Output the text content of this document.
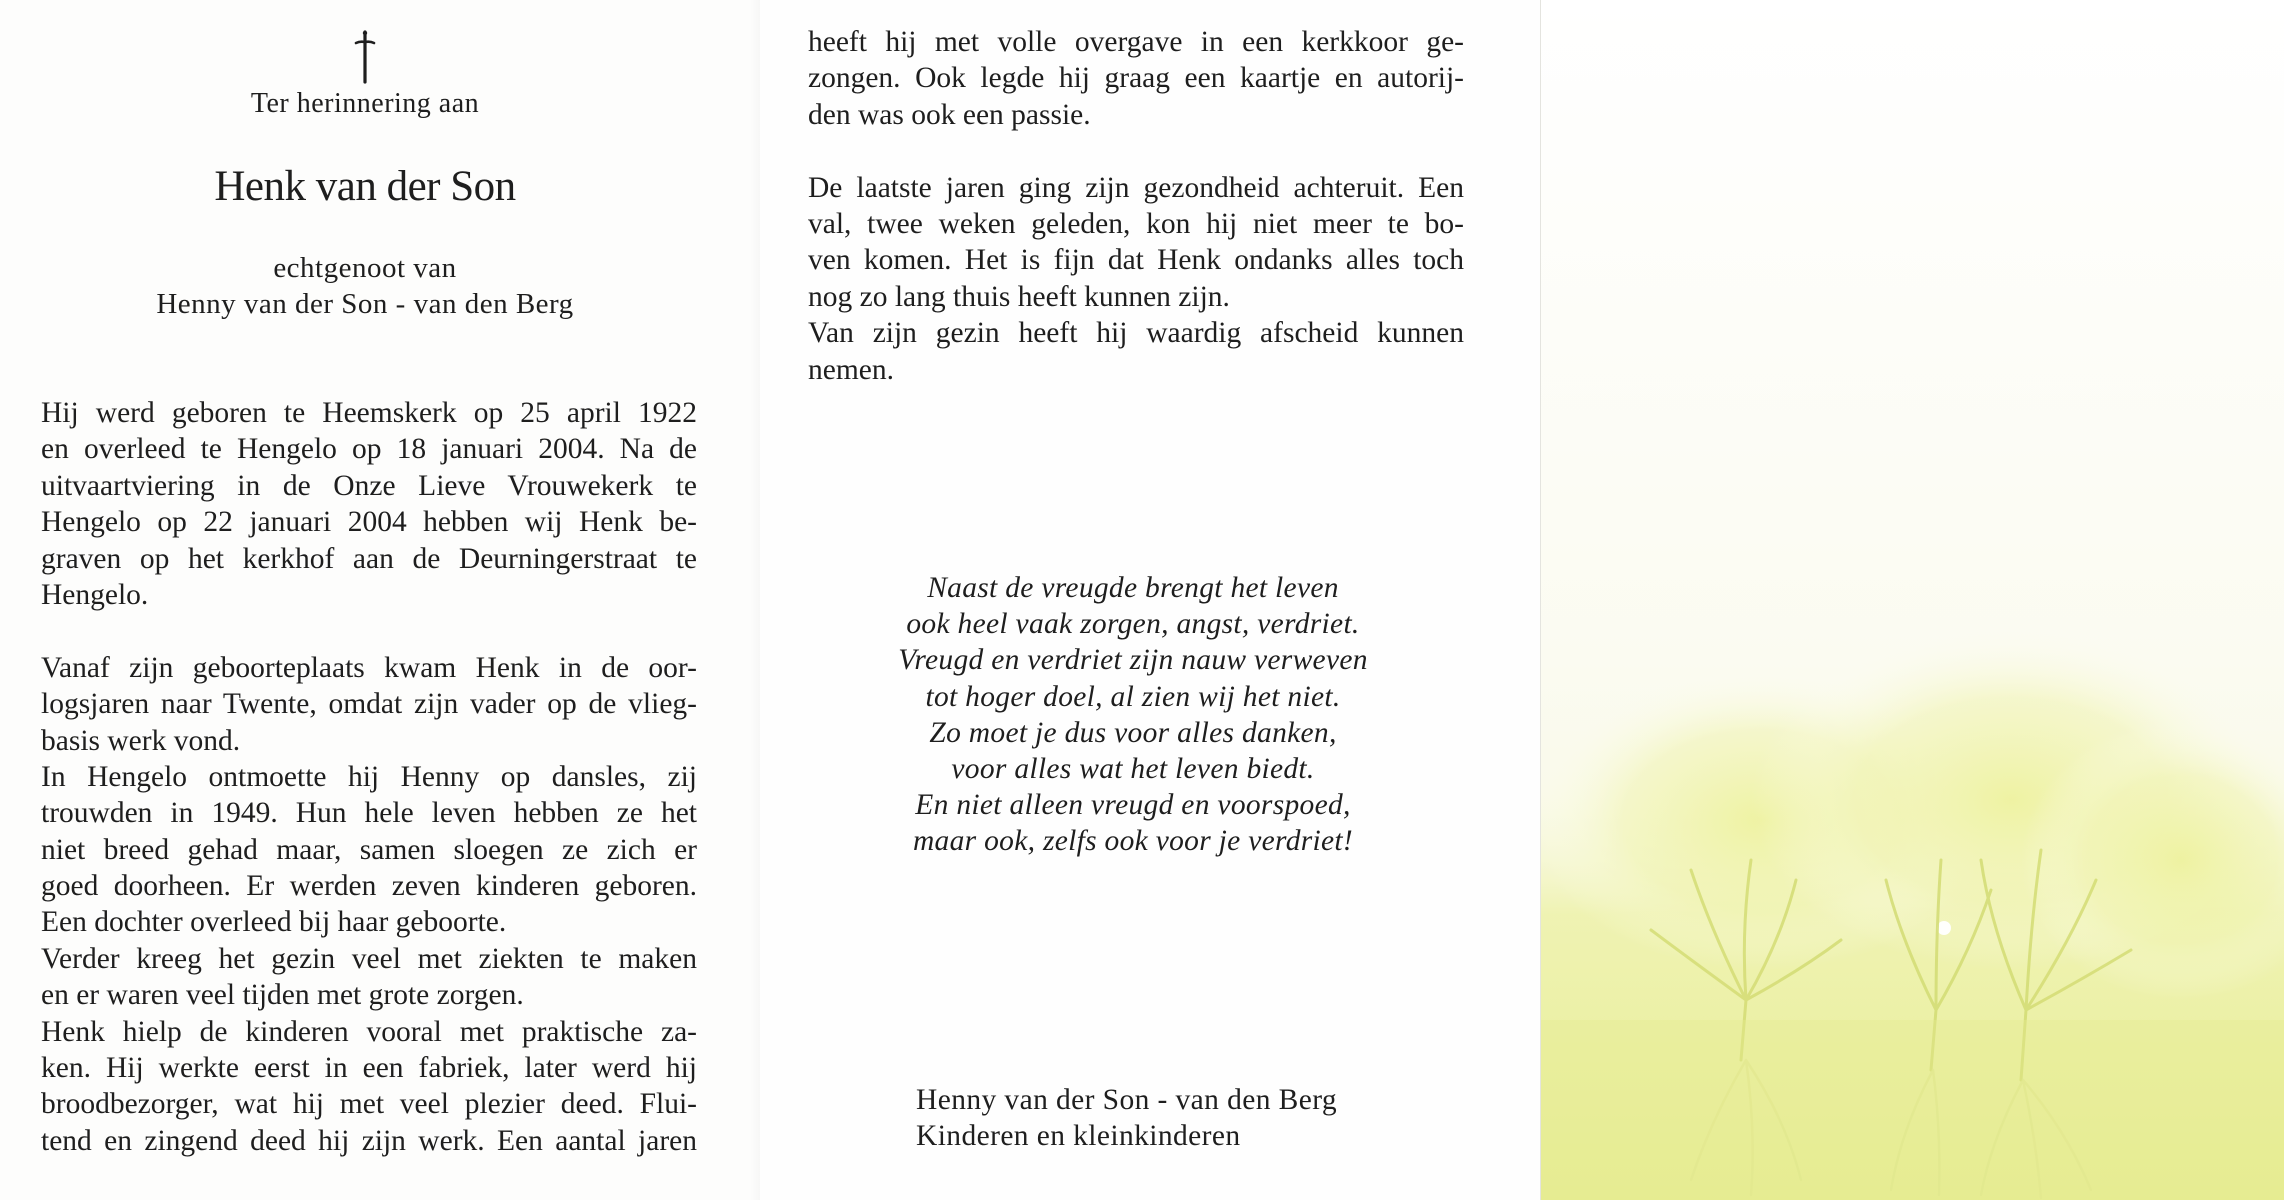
Ter herinnering aan
Henk van der Son
echtgenoot van
Henny van der Son - van den Berg
Hij werd geboren te Heemskerk op 25 april 1922
en overleed te Hengelo op 18 januari 2004. Na de
uitvaartviering in de Onze Lieve Vrouwekerk te
Hengelo op 22 januari 2004 hebben wij Henk be-
graven op het kerkhof aan de Deurningerstraat te
Hengelo.
Vanaf zijn geboorteplaats kwam Henk in de oor-
logsjaren naar Twente, omdat zijn vader op de vlieg-
basis werk vond.
In Hengelo ontmoette hij Henny op dansles, zij
trouwden in 1949. Hun hele leven hebben ze het
niet breed gehad maar, samen sloegen ze zich er
goed doorheen. Er werden zeven kinderen geboren.
Een dochter overleed bij haar geboorte.
Verder kreeg het gezin veel met ziekten te maken
en er waren veel tijden met grote zorgen.
Henk hielp de kinderen vooral met praktische za-
ken. Hij werkte eerst in een fabriek, later werd hij
broodbezorger, wat hij met veel plezier deed. Flui-
tend en zingend deed hij zijn werk. Een aantal jaren
heeft hij met volle overgave in een kerkkoor ge-
zongen. Ook legde hij graag een kaartje en autorij-
den was ook een passie.
De laatste jaren ging zijn gezondheid achteruit. Een
val, twee weken geleden, kon hij niet meer te bo-
ven komen. Het is fijn dat Henk ondanks alles toch
nog zo lang thuis heeft kunnen zijn.
Van zijn gezin heeft hij waardig afscheid kunnen
nemen.
Naast de vreugde brengt het leven
ook heel vaak zorgen, angst, verdriet.
Vreugd en verdriet zijn nauw verweven
tot hoger doel, al zien wij het niet.
Zo moet je dus voor alles danken,
voor alles wat het leven biedt.
En niet alleen vreugd en voorspoed,
maar ook, zelfs ook voor je verdriet!
Henny van der Son - van den Berg
Kinderen en kleinkinderen
